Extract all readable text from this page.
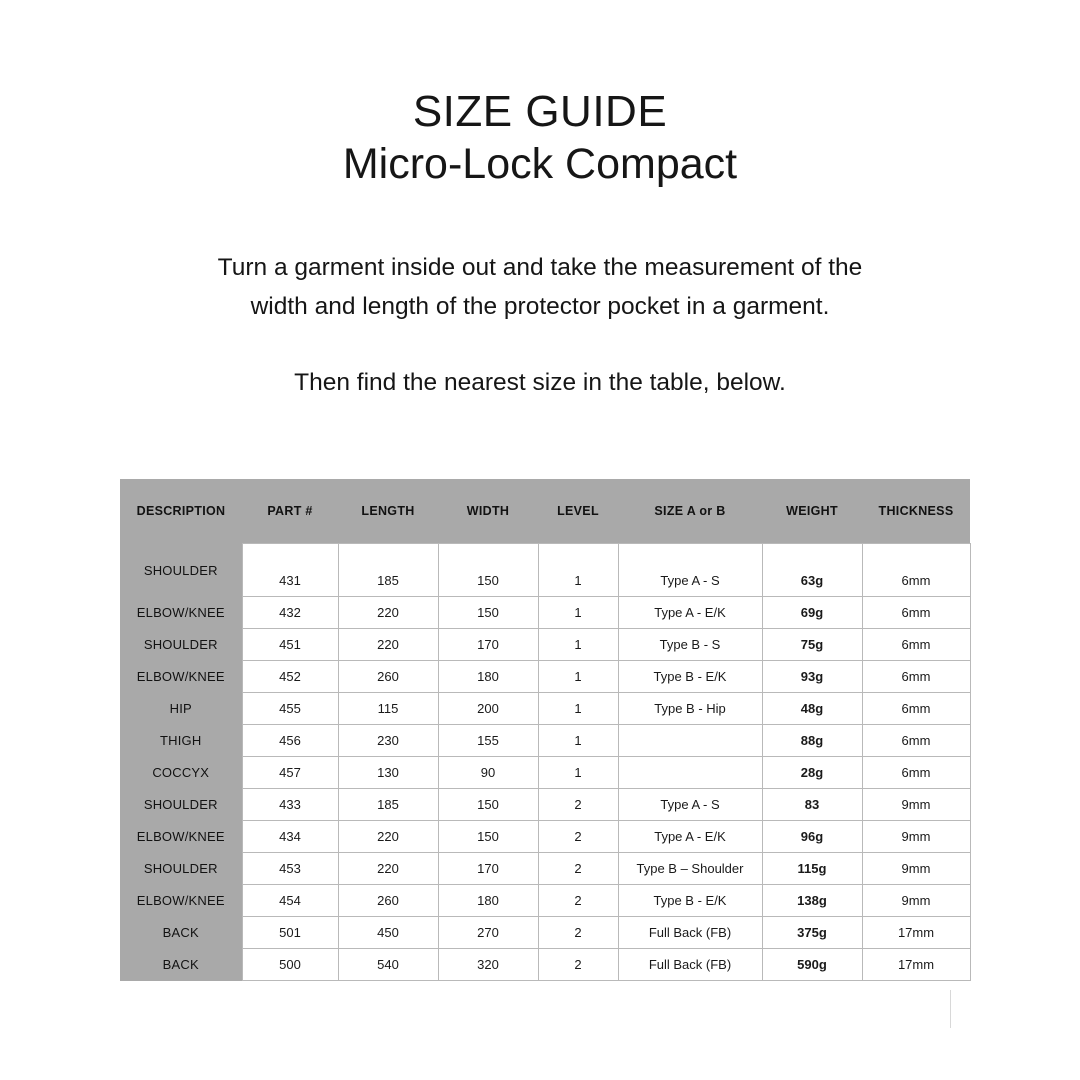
SIZE GUIDE
Micro-Lock Compact
Turn a garment inside out and take the measurement of the
width and length of the protector pocket in a garment.
Then find the nearest size in the table, below.
DESCRIPTION	PART #	LENGTH	WIDTH	LEVEL	SIZE A or B	WEIGHT	THICKNESS
SHOULDER	431	185	150	1	Type A - S	63g	6mm
ELBOW/KNEE	432	220	150	1	Type A - E/K	69g	6mm
SHOULDER	451	220	170	1	Type B - S	75g	6mm
ELBOW/KNEE	452	260	180	1	Type B - E/K	93g	6mm
HIP	455	115	200	1	Type B - Hip	48g	6mm
THIGH	456	230	155	1		88g	6mm
COCCYX	457	130	90	1		28g	6mm
SHOULDER	433	185	150	2	Type A - S	83	9mm
ELBOW/KNEE	434	220	150	2	Type A - E/K	96g	9mm
SHOULDER	453	220	170	2	Type B – Shoulder	115g	9mm
ELBOW/KNEE	454	260	180	2	Type B - E/K	138g	9mm
BACK	501	450	270	2	Full Back (FB)	375g	17mm
BACK	500	540	320	2	Full Back (FB)	590g	17mm
